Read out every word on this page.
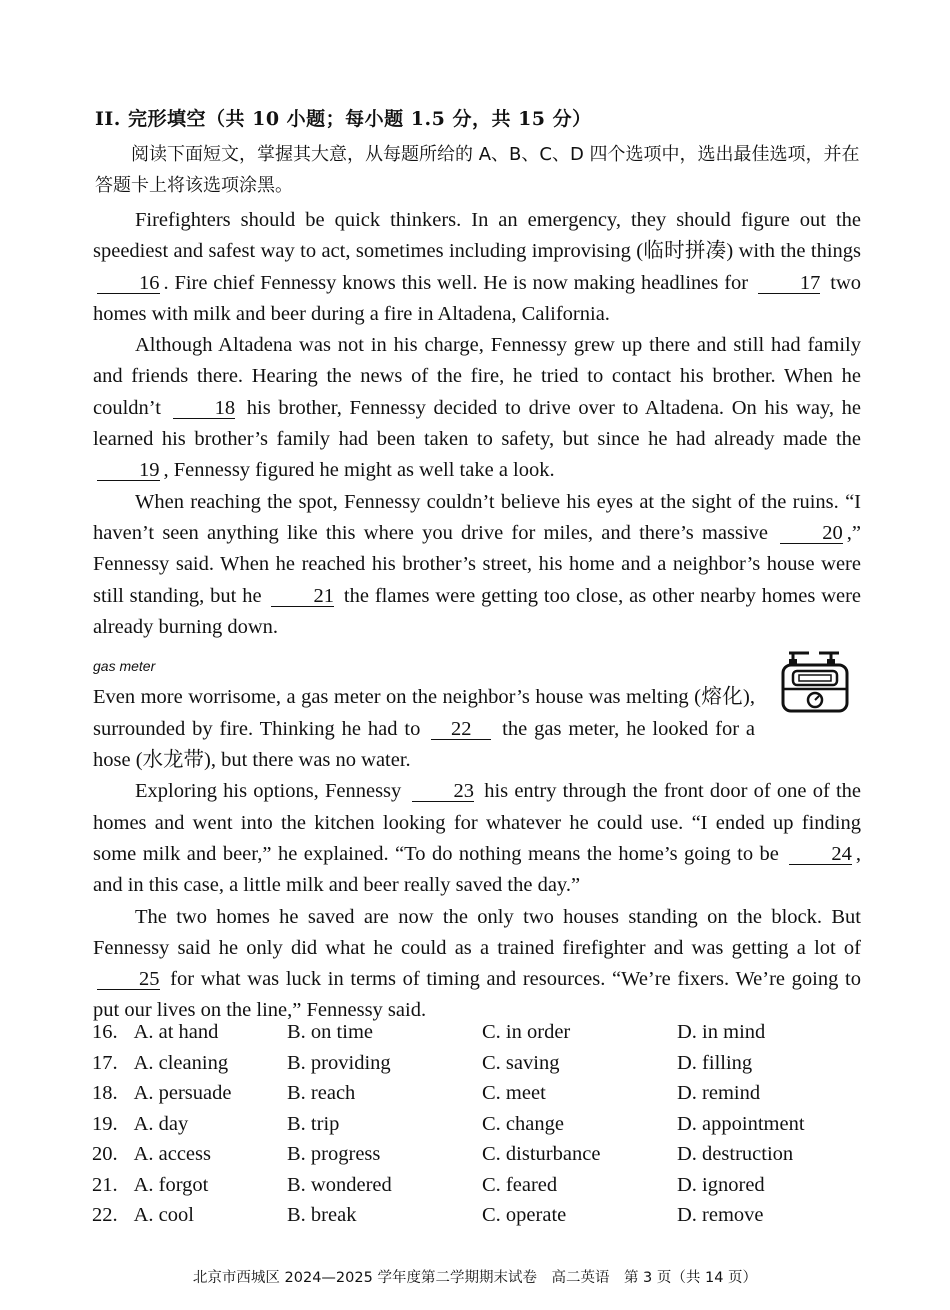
II. 完形填空（共 10 小题；每小题 1.5 分，共 15 分）
阅读下面短文，掌握其大意，从每题所给的 A、B、C、D 四个选项中，选出最佳选项，并在答题卡上将该选项涂黑。

Firefighters should be quick thinkers. In an emergency, they should figure out the speediest and safest way to act, sometimes including improvising (临时拼凑) with the things 16 . Fire chief Fennessy knows this well. He is now making headlines for	17 two homes with milk and beer during a fire in Altadena, California.

Although Altadena was not in his charge, Fennessy grew up there and still had family and friends there. Hearing the news of the fire, he tried to contact his brother. When he couldn’t	18 his brother, Fennessy decided to drive over to Altadena. On his way, he learned his brother’s family had been taken to safety, but since he had already made the 19 , Fennessy figured he might as well take a look.

When reaching the spot, Fennessy couldn’t believe his eyes at the sight of the ruins. “I haven’t seen anything like this where you drive for miles, and there’s massive	20 ,” Fennessy said. When he reached his brother’s street, his home and a neighbor’s house were still standing, but he	21 the flames were getting too close, as other nearby homes were already burning down.

gas meter
Even more worrisome, a gas meter on the neighbor’s house was melting (熔化), surrounded by fire. Thinking he had to 22 the gas meter, he looked for a hose (水龙带), but there was no water.

Exploring his options, Fennessy	23 his entry through the front door of one of the homes and went into the kitchen looking for whatever he could use. “I ended up finding some milk and beer,” he explained. “To do nothing means the home’s going to be	24 , and in this case, a little milk and beer really saved the day.”

The two homes he saved are now the only two houses standing on the block. But Fennessy said he only did what he could as a trained firefighter and was getting a lot of 25 for what was luck in terms of timing and resources. “We’re fixers. We’re going to put our lives on the line,” Fennessy said.

16. A. at hand	B. on time	C. in order	D. in mind
17. A. cleaning	B. providing	C. saving	D. filling
18. A. persuade	B. reach	C. meet	D. remind
19. A. day	B. trip	C. change	D. appointment
20. A. access	B. progress	C. disturbance	D. destruction
21. A. forgot	B. wondered	C. feared	D. ignored
22. A. cool	B. break	C. operate	D. remove
北京市西城区 2024—2025 学年度第二学期期末试卷　高二英语　第 3 页（共 14 页）
